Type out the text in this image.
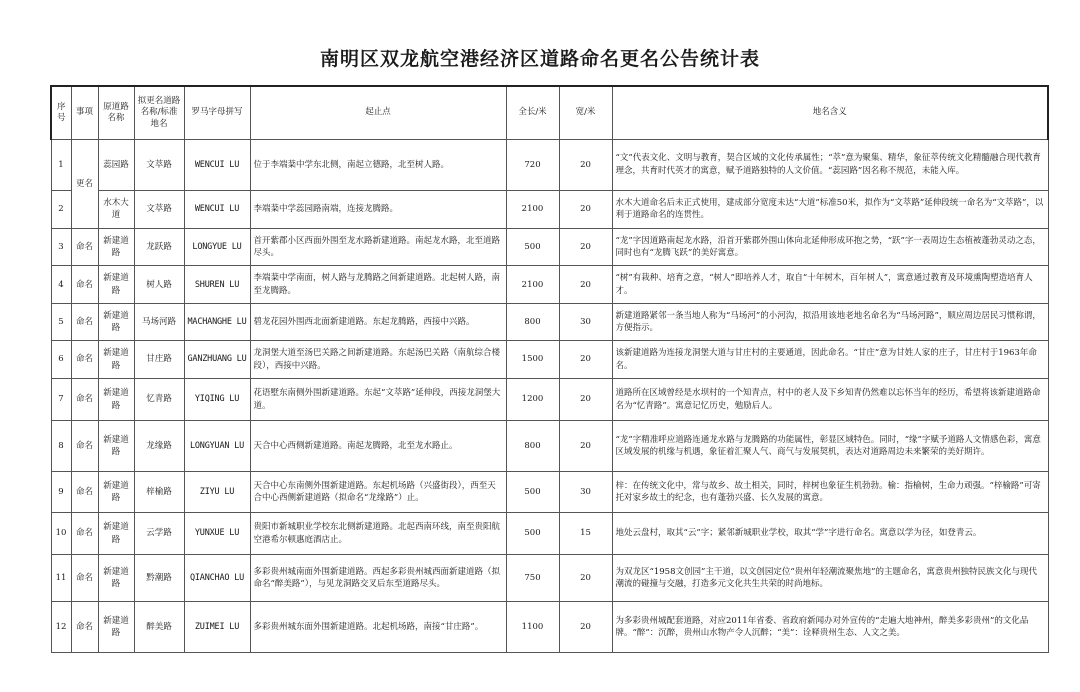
南明区双龙航空港经济区道路命名更名公告统计表
序
号	事项	原道路名称	拟更名道路名称/标准地名	罗马字母拼写	起止点	全长/米	宽/米	地名含义
1	更名	蕊园路	文萃路	WENCUI LU	位于李端棻中学东北侧，南起立德路，北至树人路。	720	20	“文”代表文化、文明与教育，契合区域的文化传承属性；“萃”意为聚集、精华，象征萃传统文化精髓融合现代教育理念，共育时代英才的寓意，赋予道路独特的人文价值。“蕊园路”因名称不规范，未能入库。
2		水木大道	文萃路	WENCUI LU	李端棻中学蕊园路南端，连接龙腾路。	2100	20	水木大道命名后未正式使用，建成部分宽度未达“大道”标准50米，拟作为“文萃路”延伸段统一命名为“文萃路”，以利于道路命名的连贯性。
3	命名	新建道路	龙跃路	LONGYUE LU	首开紫郡小区西面外围至龙水路新建道路。南起龙水路，北至道路尽头。	500	20	“龙”字因道路南起龙水路，沿首开紫郡外围山体向北延伸形成环抱之势，“跃”字一表周边生态植被蓬勃灵动之态，同时也有“龙腾飞跃”的美好寓意。
4	命名	新建道路	树人路	SHUREN LU	李端棻中学南面，树人路与龙腾路之间新建道路。北起树人路，南至龙腾路。	2100	20	“树”有栽种、培育之意，“树人”即培养人才，取自“十年树木，百年树人”，寓意通过教育及环境熏陶塑造培育人才。
5	命名	新建道路	马场河路	MACHANGHE LU	碧龙花园外围西北面新建道路。东起龙腾路，西接中兴路。	800	30	新建道路紧邻一条当地人称为“马场河”的小河沟，拟沿用该地老地名命名为“马场河路”，顺应周边居民习惯称谓，方便指示。
6	命名	新建道路	甘庄路	GANZHUANG LU	龙洞堡大道至汤巴关路之间新建道路。东起汤巴关路（南航综合楼段），西接中兴路。	1500	20	该新建道路为连接龙洞堡大道与甘庄村的主要通道，因此命名。“甘庄”意为甘姓人家的庄子，甘庄村于1963年命名。
7	命名	新建道路	忆青路	YIQING LU	花语墅东南侧外围新建道路。东起“文萃路”延伸段，西接龙洞堡大道。	1200	20	道路所在区域曾经是水坝村的一个知青点，村中的老人及下乡知青仍然难以忘怀当年的经历，希望将该新建道路命名为“忆青路”。寓意记忆历史，勉励后人。
8	命名	新建道路	龙缘路	LONGYUAN LU	天合中心西侧新建道路。南起龙腾路，北至龙水路止。	800	20	“龙”字精准呼应道路连通龙水路与龙腾路的功能属性，彰显区域特色。同时，“缘”字赋予道路人文情感色彩，寓意区域发展的机缘与机遇，象征着汇聚人气、商气与发展契机，表达对道路周边未来繁荣的美好期许。
9	命名	新建道路	梓榆路	ZIYU LU	天合中心东南侧外围新建道路。东起机场路（兴盛街段），西至天合中心西侧新建道路（拟命名“龙缘路”）止。	500	30	梓：在传统文化中，常与故乡、故土相关，同时，梓树也象征生机勃勃。榆：指榆树，生命力顽强。“梓榆路”可寄托对家乡故土的纪念，也有蓬勃兴盛、长久发展的寓意。
10	命名	新建道路	云学路	YUNXUE LU	贵阳市新城职业学校东北侧新建道路。北起西南环线，南至贵阳航空港希尔顿惠庭酒店止。	500	15	地处云盘村，取其“云”字；紧邻新城职业学校，取其“学”字进行命名。寓意以学为径，如登青云。
11	命名	新建道路	黔潮路	QIANCHAO LU	多彩贵州城南面外围新建道路。西起多彩贵州城西面新建道路（拟命名“醉美路”），与见龙洞路交叉后东至道路尽头。	750	20	为双龙区“1958文创园”主干道，以文创园定位“贵州年轻潮流聚焦地”的主题命名，寓意贵州独特民族文化与现代潮流的碰撞与交融，打造多元文化共生共荣的时尚地标。
12	命名	新建道路	醉美路	ZUIMEI LU	多彩贵州城东面外围新建道路。北起机场路，南接“甘庄路”。	1100	20	为多彩贵州城配套道路，对应2011年省委、省政府新闻办对外宣传的“走遍大地神州，醉美多彩贵州”的文化品牌。“醉”：沉醉，贵州山水物产令人沉醉；“美”：诠释贵州生态、人文之美。
